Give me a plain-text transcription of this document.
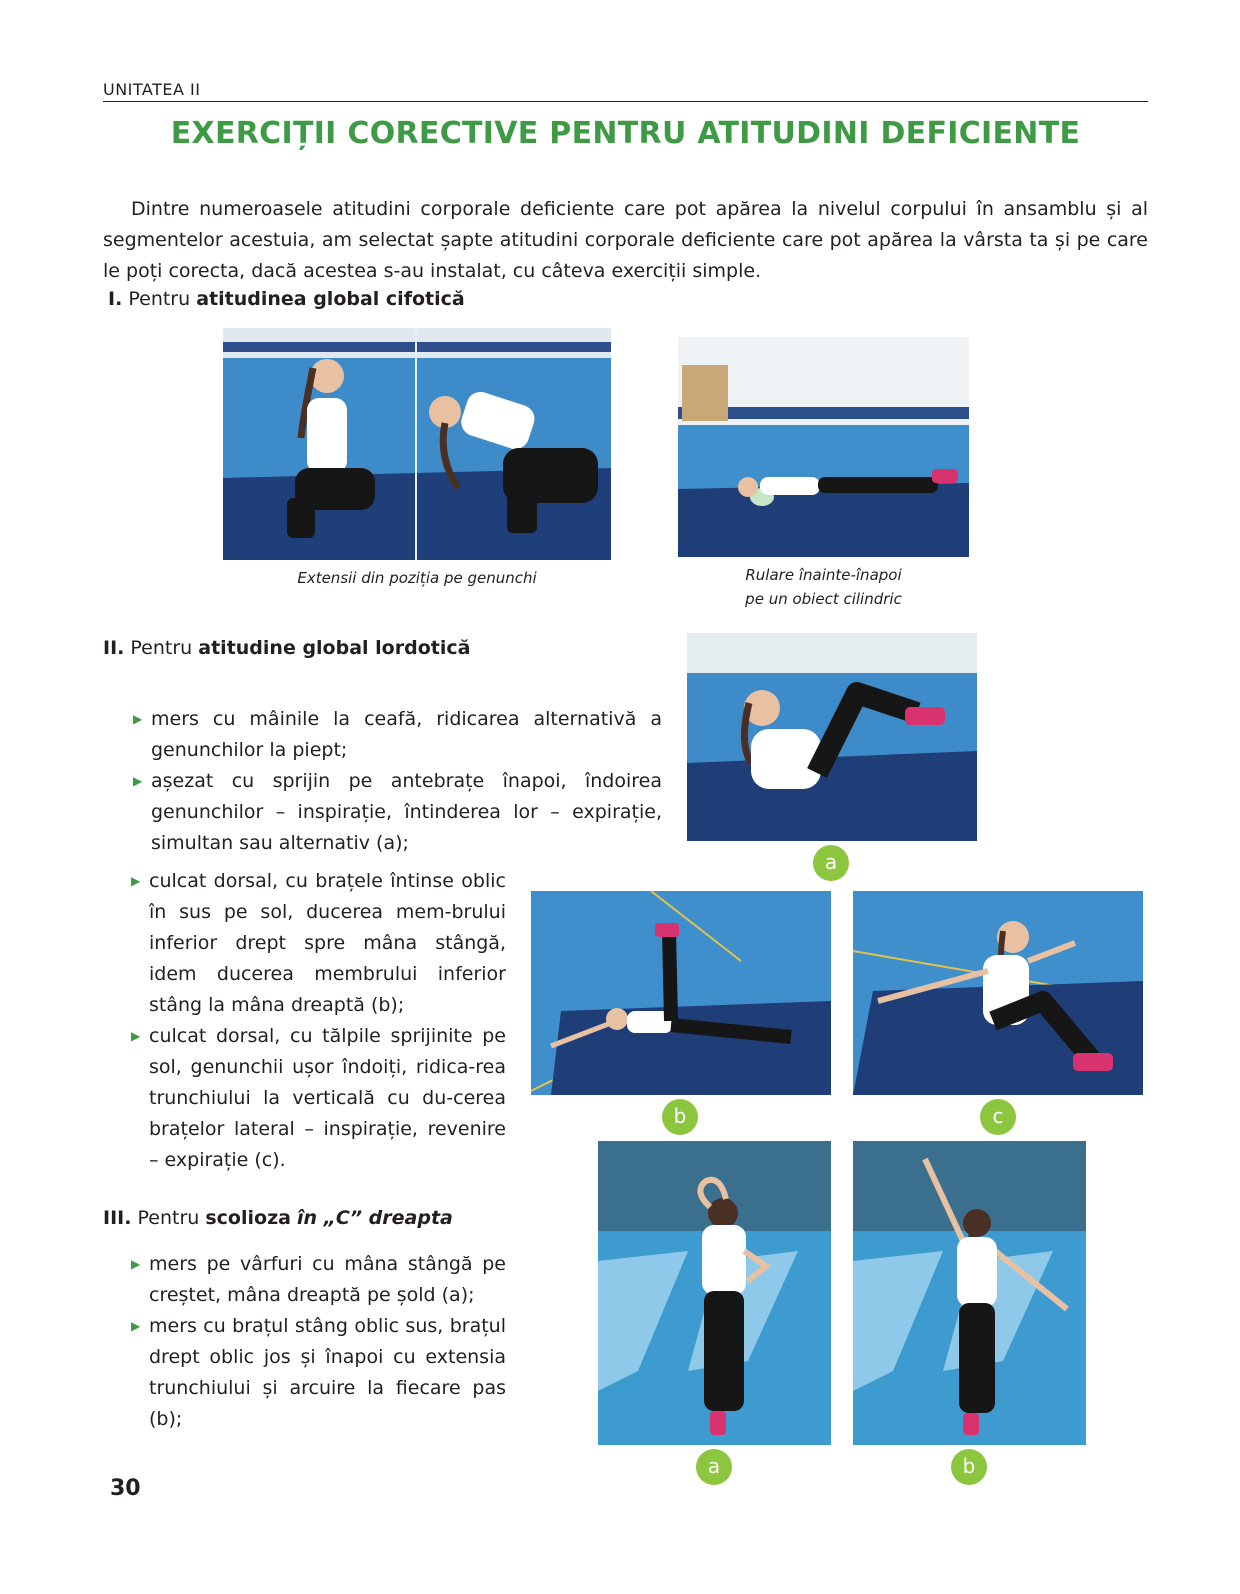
UNITATEA II
EXERCIȚII CORECTIVE PENTRU ATITUDINI DEFICIENTE

Dintre numeroasele atitudini corporale deficiente care pot apărea la nivelul corpului în ansamblu și al segmentelor acestuia, am selectat șapte atitudini corporale deficiente care pot apărea la vârsta ta și pe care le poți corecta, dacă acestea s-au instalat, cu câteva exerciții simple.

I. Pentru atitudinea global cifotică
Extensii din poziția pe genunchi	Rulare înainte-înapoi
pe un obiect cilindric
II. Pentru atitudine global lordotică
▶ mers cu mâinile la ceafă, ridicarea alternativă a genunchilor la piept;
▶ așezat cu sprijin pe antebrațe înapoi, îndoirea genunchilor – inspirație, întinderea lor – expirație, simultan sau alternativ (a);
▶ culcat dorsal, cu brațele întinse oblic în sus pe sol, ducerea mem-brului inferior drept spre mâna stângă, idem ducerea membrului inferior stâng la mâna dreaptă (b);
▶ culcat dorsal, cu tălpile sprijinite pe sol, genunchii ușor îndoiți, ridica-rea trunchiului la verticală cu du-cerea brațelor lateral – inspirație, revenire – expirație (c).
a
b	c
III. Pentru scolioza în „C” dreapta
▶ mers pe vârfuri cu mâna stângă pe creștet, mâna dreaptă pe șold (a);
▶ mers cu brațul stâng oblic sus, brațul drept oblic jos și înapoi cu extensia trunchiului și arcuire la fiecare pas (b);
a	b
30
